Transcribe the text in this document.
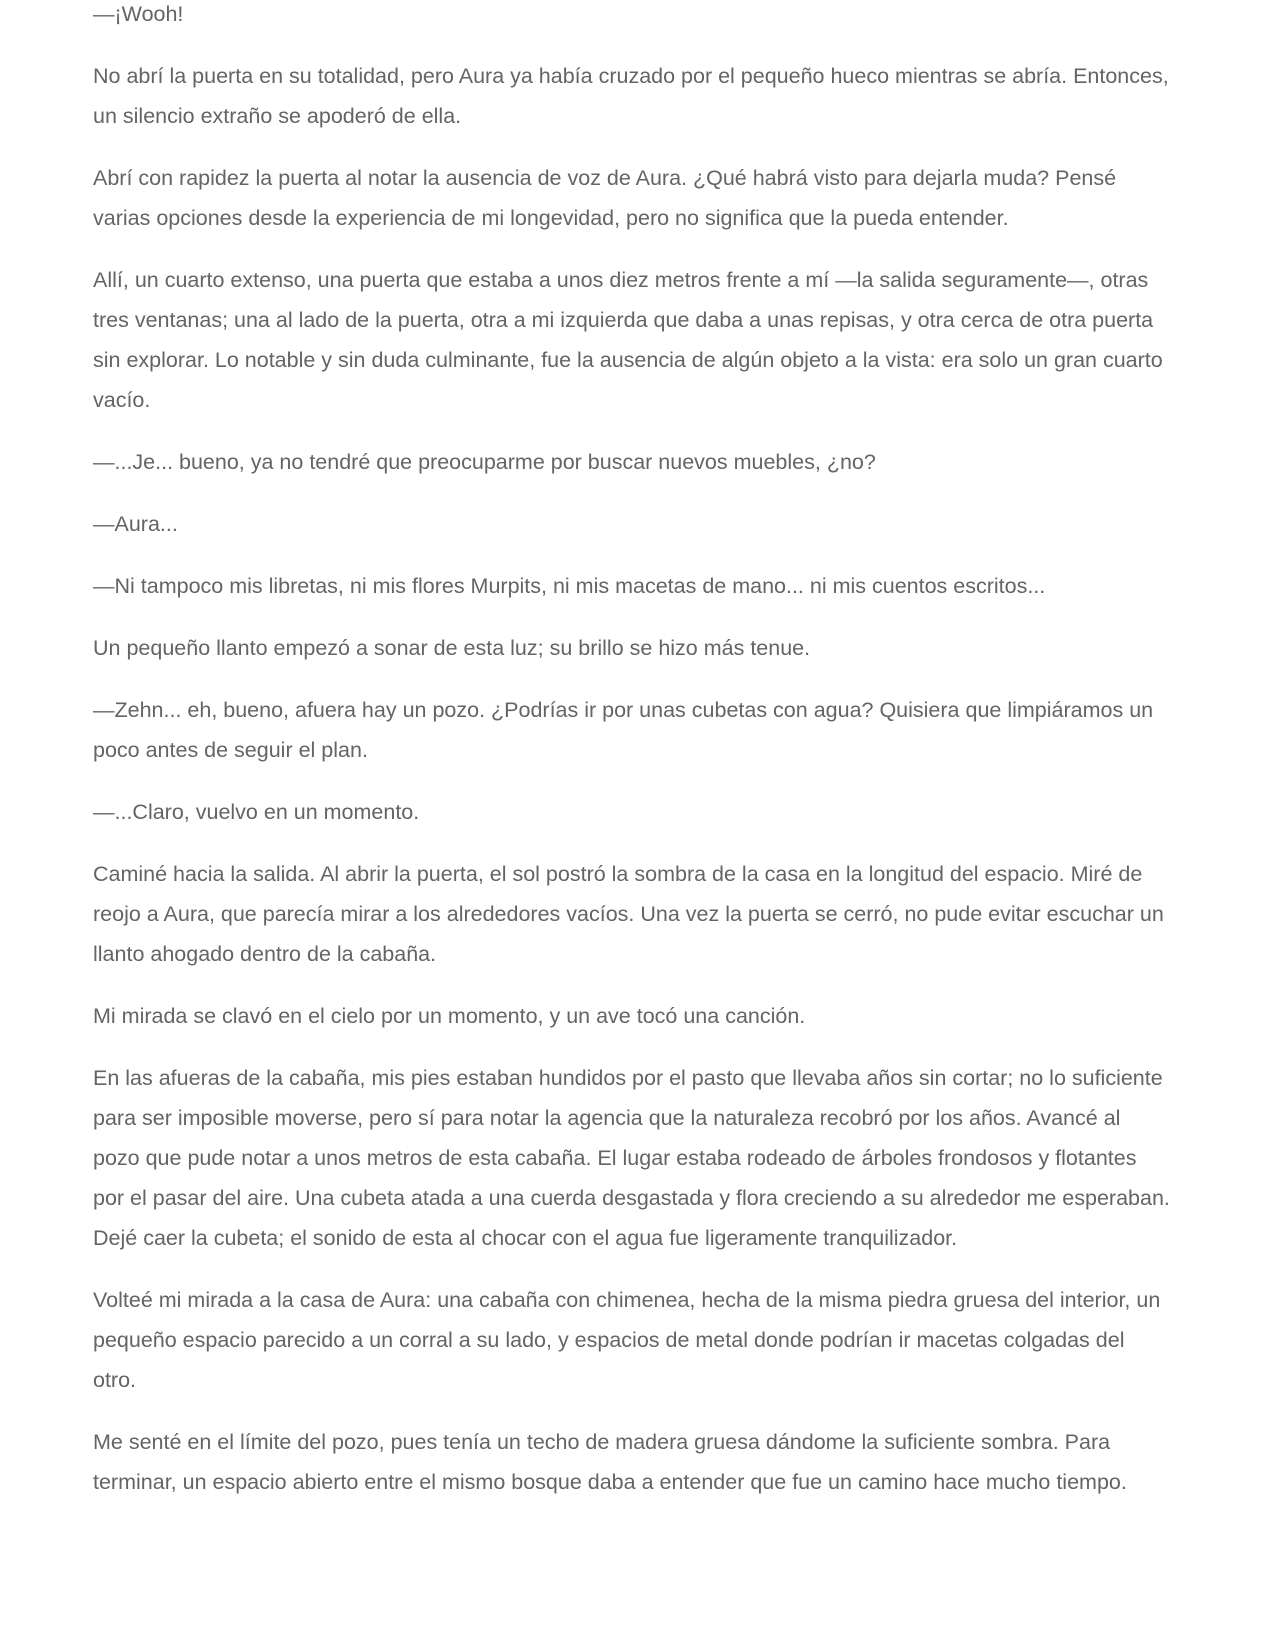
—¡Wooh!

No abrí la puerta en su totalidad, pero Aura ya había cruzado por el pequeño hueco mientras se abría. Entonces, un silencio extraño se apoderó de ella.

Abrí con rapidez la puerta al notar la ausencia de voz de Aura. ¿Qué habrá visto para dejarla muda? Pensé varias opciones desde la experiencia de mi longevidad, pero no significa que la pueda entender.

Allí, un cuarto extenso, una puerta que estaba a unos diez metros frente a mí —la salida seguramente—, otras tres ventanas; una al lado de la puerta, otra a mi izquierda que daba a unas repisas, y otra cerca de otra puerta sin explorar. Lo notable y sin duda culminante, fue la ausencia de algún objeto a la vista: era solo un gran cuarto vacío.

—...Je... bueno, ya no tendré que preocuparme por buscar nuevos muebles, ¿no?

—Aura...

—Ni tampoco mis libretas, ni mis flores Murpits, ni mis macetas de mano... ni mis cuentos escritos...

Un pequeño llanto empezó a sonar de esta luz; su brillo se hizo más tenue.

—Zehn... eh, bueno, afuera hay un pozo. ¿Podrías ir por unas cubetas con agua? Quisiera que limpiáramos un poco antes de seguir el plan.

—...Claro, vuelvo en un momento.

Caminé hacia la salida. Al abrir la puerta, el sol postró la sombra de la casa en la longitud del espacio. Miré de reojo a Aura, que parecía mirar a los alrededores vacíos. Una vez la puerta se cerró, no pude evitar escuchar un llanto ahogado dentro de la cabaña.

Mi mirada se clavó en el cielo por un momento, y un ave tocó una canción.

En las afueras de la cabaña, mis pies estaban hundidos por el pasto que llevaba años sin cortar; no lo suficiente para ser imposible moverse, pero sí para notar la agencia que la naturaleza recobró por los años. Avancé al pozo que pude notar a unos metros de esta cabaña. El lugar estaba rodeado de árboles frondosos y flotantes por el pasar del aire. Una cubeta atada a una cuerda desgastada y flora creciendo a su alrededor me esperaban. Dejé caer la cubeta; el sonido de esta al chocar con el agua fue ligeramente tranquilizador.

Volteé mi mirada a la casa de Aura: una cabaña con chimenea, hecha de la misma piedra gruesa del interior, un pequeño espacio parecido a un corral a su lado, y espacios de metal donde podrían ir macetas colgadas del otro.

Me senté en el límite del pozo, pues tenía un techo de madera gruesa dándome la suficiente sombra. Para terminar, un espacio abierto entre el mismo bosque daba a entender que fue un camino hace mucho tiempo.
